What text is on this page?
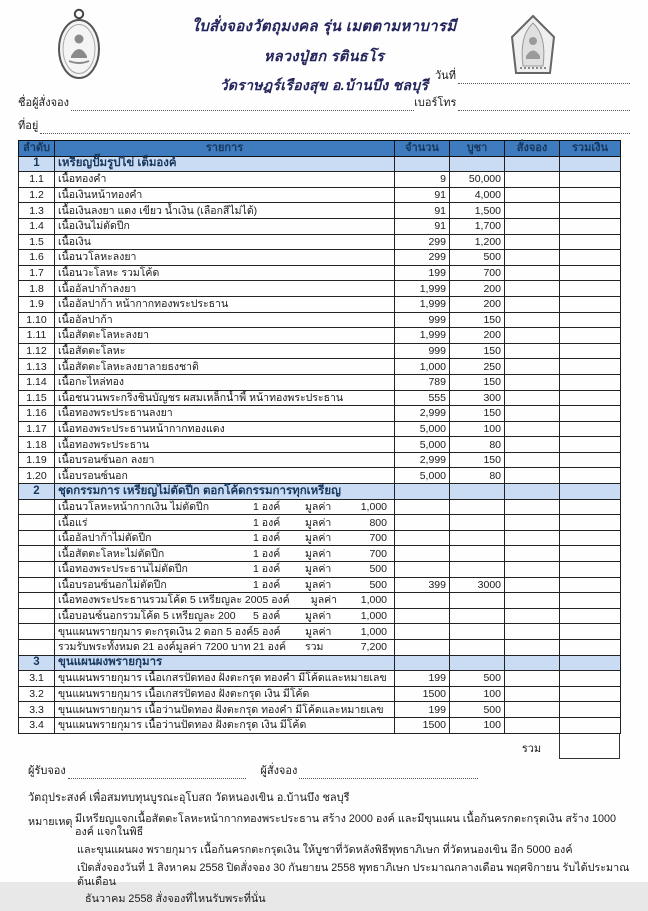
ใบสั่งจองวัตถุมงคล รุ่น เมตตามหาบารมี
หลวงปู่ฮก รตินธโร
วัดราษฎร์เรืองสุข อ.บ้านบึง ชลบุรี
วันที่
ชื่อผู้สั่งจอง	เบอร์โทร
ที่อยู่
ลำดับ	รายการ	จำนวน	บูชา	สั่งจอง	รวมเงิน
1	เหรียญปั๊มรูปไข่ เต็มองค์				
1.1	เนื้อทองคำ	9	50,000		
1.2	เนื้อเงินหน้าทองคำ	91	4,000		
1.3	เนื้อเงินลงยา แดง เขียว น้ำเงิน (เลือกสีไม่ได้)	91	1,500		
1.4	เนื้อเงินไม่ตัดปีก	91	1,700		
1.5	เนื้อเงิน	299	1,200		
1.6	เนื้อนวโลหะลงยา	299	500		
1.7	เนื้อนวะโลหะ รวมโค้ด	199	700		
1.8	เนื้ออัลปาก้าลงยา	1,999	200		
1.9	เนื้ออัลปาก้า หน้ากากทองพระประธาน	1,999	200		
1.10	เนื้ออัลปาก้า	999	150		
1.11	เนื้อสัตตะโลหะลงยา	1,999	200		
1.12	เนื้อสัตตะโลหะ	999	150		
1.13	เนื้อสัตตะโลหะลงยาลายธงชาติ	1,000	250		
1.14	เนื้อกะไหล่ทอง	789	150		
1.15	เนื้อชนวนพระกริ่งชินบัญชร ผสมเหล็กน้ำพี้ หน้าทองพระประธาน	555	300		
1.16	เนื้อทองพระประธานลงยา	2,999	150		
1.17	เนื้อทองพระประธานหน้ากากทองแดง	5,000	100		
1.18	เนื้อทองพระประธาน	5,000	80		
1.19	เนื้อบรอนซ์นอก ลงยา	2,999	150		
1.20	เนื้อบรอนซ์นอก	5,000	80		
2	ชุดกรรมการ เหรียญไม่ตัดปีก ตอกโค้ดกรรมการทุกเหรียญ				

	เนื้อนวโลหะหน้ากากเงิน ไม่ตัดปีก 1 องค์ มูลค่า 1,000				

	เนื้อแร่ 1 องค์ มูลค่า 800				

	เนื้ออัลปาก้าไม่ตัดปีก 1 องค์ มูลค่า 700				

	เนื้อสัตตะโลหะไม่ตัดปีก 1 องค์ มูลค่า 700				

	เนื้อทองพระประธานไม่ตัดปีก 1 องค์ มูลค่า 500				

	เนื้อบรอนซ์นอกไม่ตัดปีก 1 องค์ มูลค่า 500	399	3000		

	เนื้อทองพระประธานรวมโค้ด 5 เหรียญละ 200 5 องค์ มูลค่า 1,000				

	เนื้อบอนซ์นอกรวมโค้ด 5 เหรียญละ 200 5 องค์ มูลค่า 1,000				

	ขุนแผนพรายกุมาร ตะกรุดเงิน 2 ดอก 5 องค์ 5 องค์ มูลค่า 1,000				

	รวมรับพระทั้งหมด 21 องค์มูลค่า 7200 บาท 21 องค์ รวม 7,200				

3	ขุนแผนผงพรายกุมาร				
3.1	ขุนแผนพรายกุมาร เนื้อเกสรปัดทอง ฝังตะกรุด ทองคำ มีโค้ดและหมายเลข	199	500		
3.2	ขุนแผนพรายกุมาร เนื้อเกสรปัดทอง ฝังตะกรุด เงิน มีโค้ด	1500	100		
3.3	ขุนแผนพรายกุมาร เนื้อว่านปัดทอง ฝังตะกรุด ทองคำ มีโค้ดและหมายเลข	199	500		
3.4	ขุนแผนพรายกุมาร เนื้อว่านปัดทอง ฝังตะกรุด เงิน มีโค้ด	1500	100		
รวม
ผู้รับจอง	ผู้สั่งจอง
วัตถุประสงค์ เพื่อสมทบทุนบูรณะอุโบสถ วัดหนองเขิน อ.บ้านบึง ชลบุรี
หมายเหตุ มีเหรียญแจกเนื้อสัตตะโลหะหน้ากากทองพระประธาน สร้าง 2000 องค์ และมีขุนแผน เนื้อก้นครกตะกรุดเงิน สร้าง 1000 องค์ แจกในพิธี
และขุนแผนผง พรายกุมาร เนื้อก้นครกตะกรุดเงิน ให้บูชาที่วัดหลังพิธีพุทธาภิเษก ที่วัดหนองเขิน อีก 5000 องค์
เปิดสั่งจองวันที่ 1 สิงหาคม 2558 ปิดสั่งจอง 30 กันยายน 2558 พุทธาภิเษก ประมาณกลางเดือน พฤศจิกายน รับได้ประมาณต้นเดือน
ธันวาคม 2558 สั่งจองที่ไหนรับพระที่นั่น
